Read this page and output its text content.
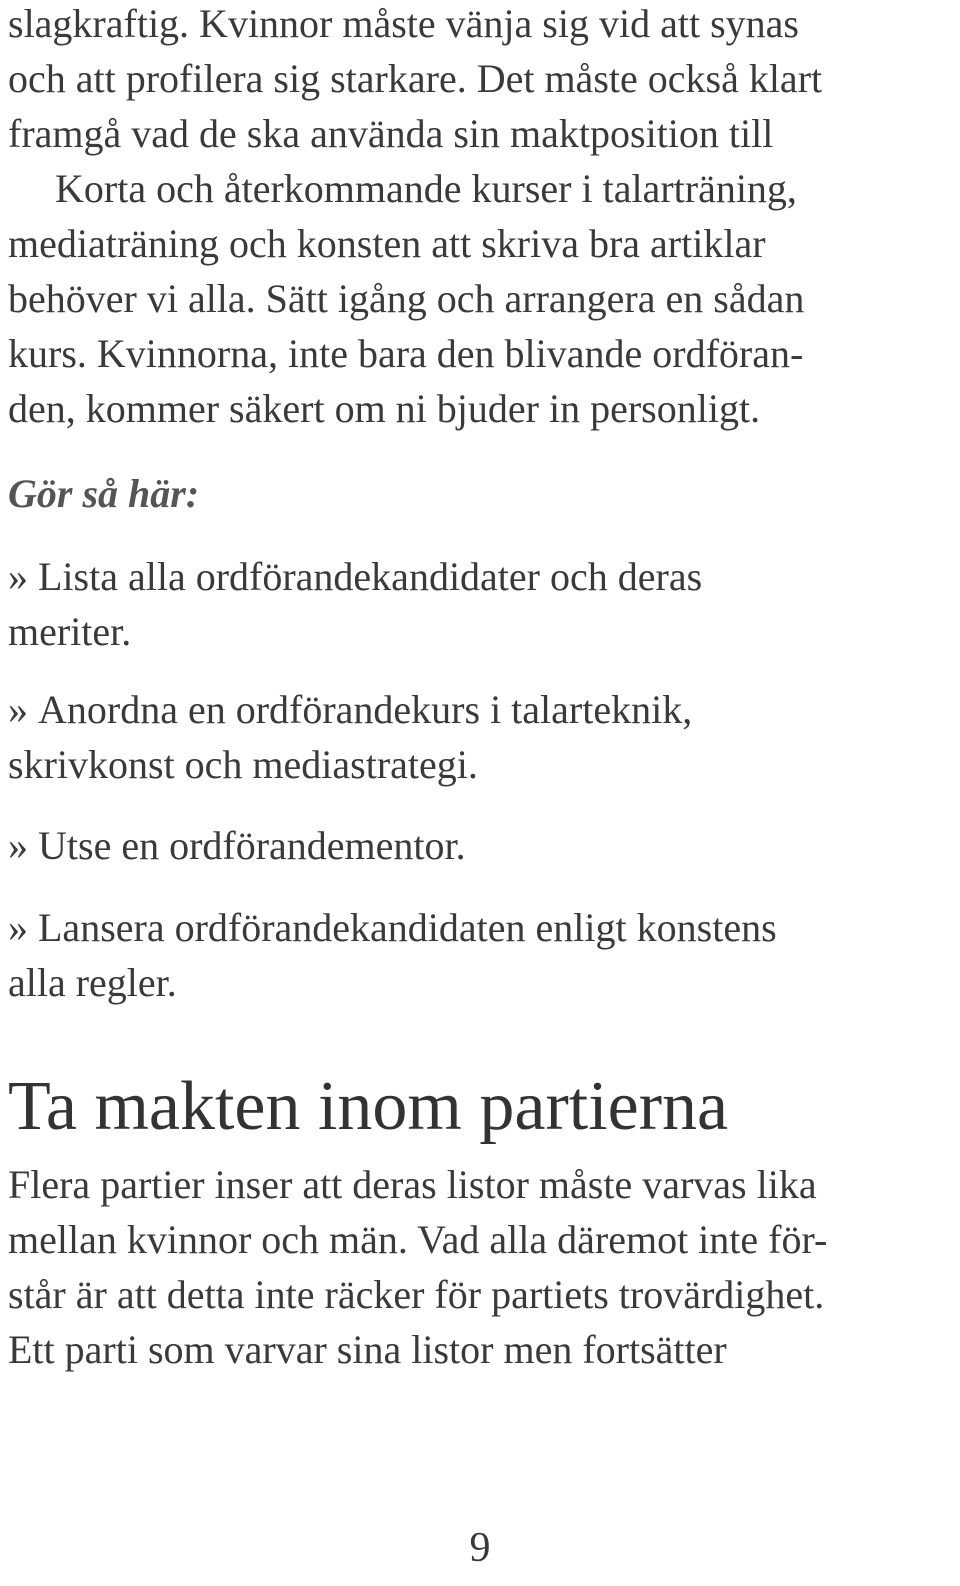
slagkraftig. Kvinnor måste vänja sig vid att synas

och att profilera sig starkare. Det måste också klart

framgå vad de ska använda sin maktposition till

Korta och återkommande kurser i talarträning,

mediaträning och konsten att skriva bra artiklar

behöver vi alla. Sätt igång och arrangera en sådan

kurs. Kvinnorna, inte bara den blivande ordföran-

den, kommer säkert om ni bjuder in personligt.

Gör så här:

» Lista alla ordförandekandidater och deras

meriter.

» Anordna en ordförandekurs i talarteknik,

skrivkonst och mediastrategi.

» Utse en ordförandementor.

» Lansera ordförandekandidaten enligt konstens

alla regler.

Ta makten inom partierna

Flera partier inser att deras listor måste varvas lika

mellan kvinnor och män. Vad alla däremot inte för-

står är att detta inte räcker för partiets trovärdighet.

Ett parti som varvar sina listor men fortsätter

9
